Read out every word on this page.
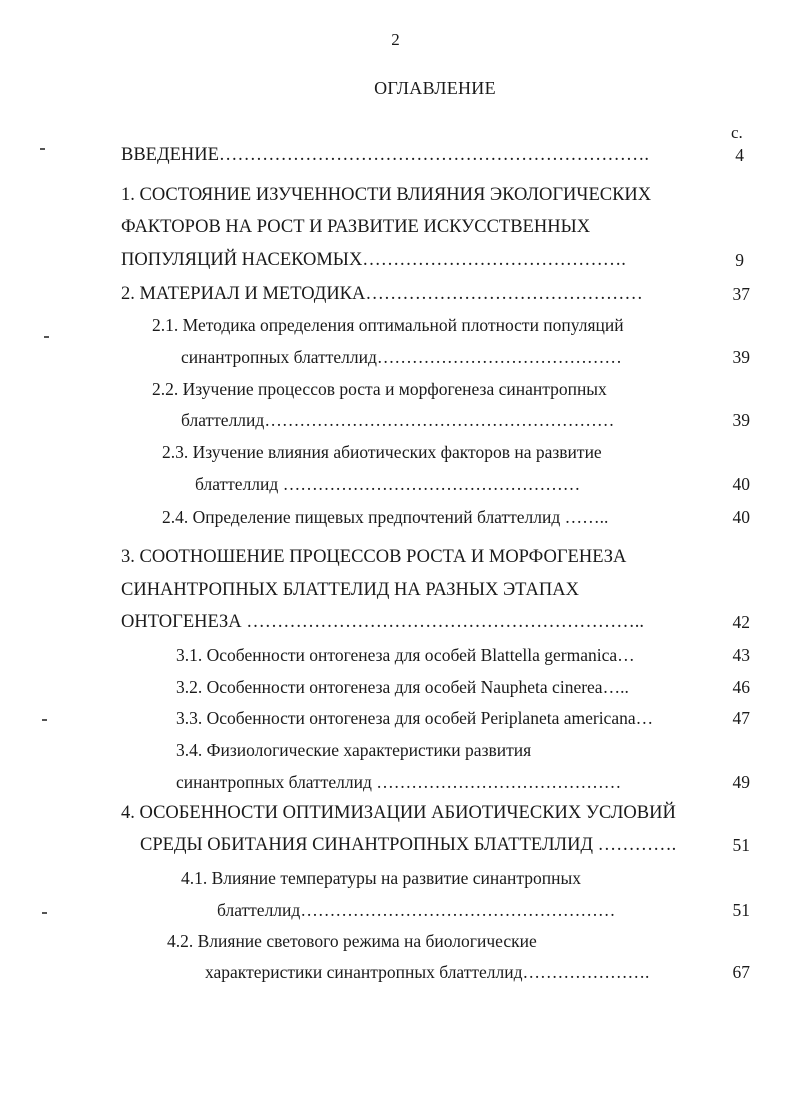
2
ОГЛАВЛЕНИЕ
с.
ВВЕДЕНИЕ…………………………………………………………….	4
1. СОСТОЯНИЕ ИЗУЧЕННОСТИ ВЛИЯНИЯ ЭКОЛОГИЧЕСКИХ
ФАКТОРОВ НА РОСТ И РАЗВИТИЕ ИСКУССТВЕННЫХ
ПОПУЛЯЦИЙ НАСЕКОМЫХ…………………………………….	9
2. МАТЕРИАЛ И МЕТОДИКА………………………………………	37
2.1. Методика определения оптимальной плотности популяций
синантропных блаттеллид……………………………………	39
2.2. Изучение процессов роста и морфогенеза синантропных
блаттеллид……………………………………………………	39
2.3. Изучение влияния абиотических факторов на развитие
блаттеллид ……………………………………………	40
2.4. Определение пищевых предпочтений блаттеллид ……..	40
3. СООТНОШЕНИЕ ПРОЦЕССОВ РОСТА И МОРФОГЕНЕЗА
СИНАНТРОПНЫХ БЛАТТЕЛИД НА РАЗНЫХ ЭТАПАХ
ОНТОГЕНЕЗА ………………………………………………………..	42
3.1. Особенности онтогенеза для особей Blattella germanica…	43
3.2. Особенности онтогенеза для особей Naupheta cinerea…..	46
3.3. Особенности онтогенеза для особей Periplaneta americana…	47
3.4. Физиологические характеристики развития
синантропных блаттеллид ……………………………………	49
4. ОСОБЕННОСТИ ОПТИМИЗАЦИИ АБИОТИЧЕСКИХ УСЛОВИЙ
СРЕДЫ ОБИТАНИЯ СИНАНТРОПНЫХ БЛАТТЕЛЛИД ………….	51
4.1. Влияние температуры на развитие синантропных
блаттеллид………………………………………………	51
4.2. Влияние светового режима на биологические
характеристики синантропных блаттеллид………………….	67
